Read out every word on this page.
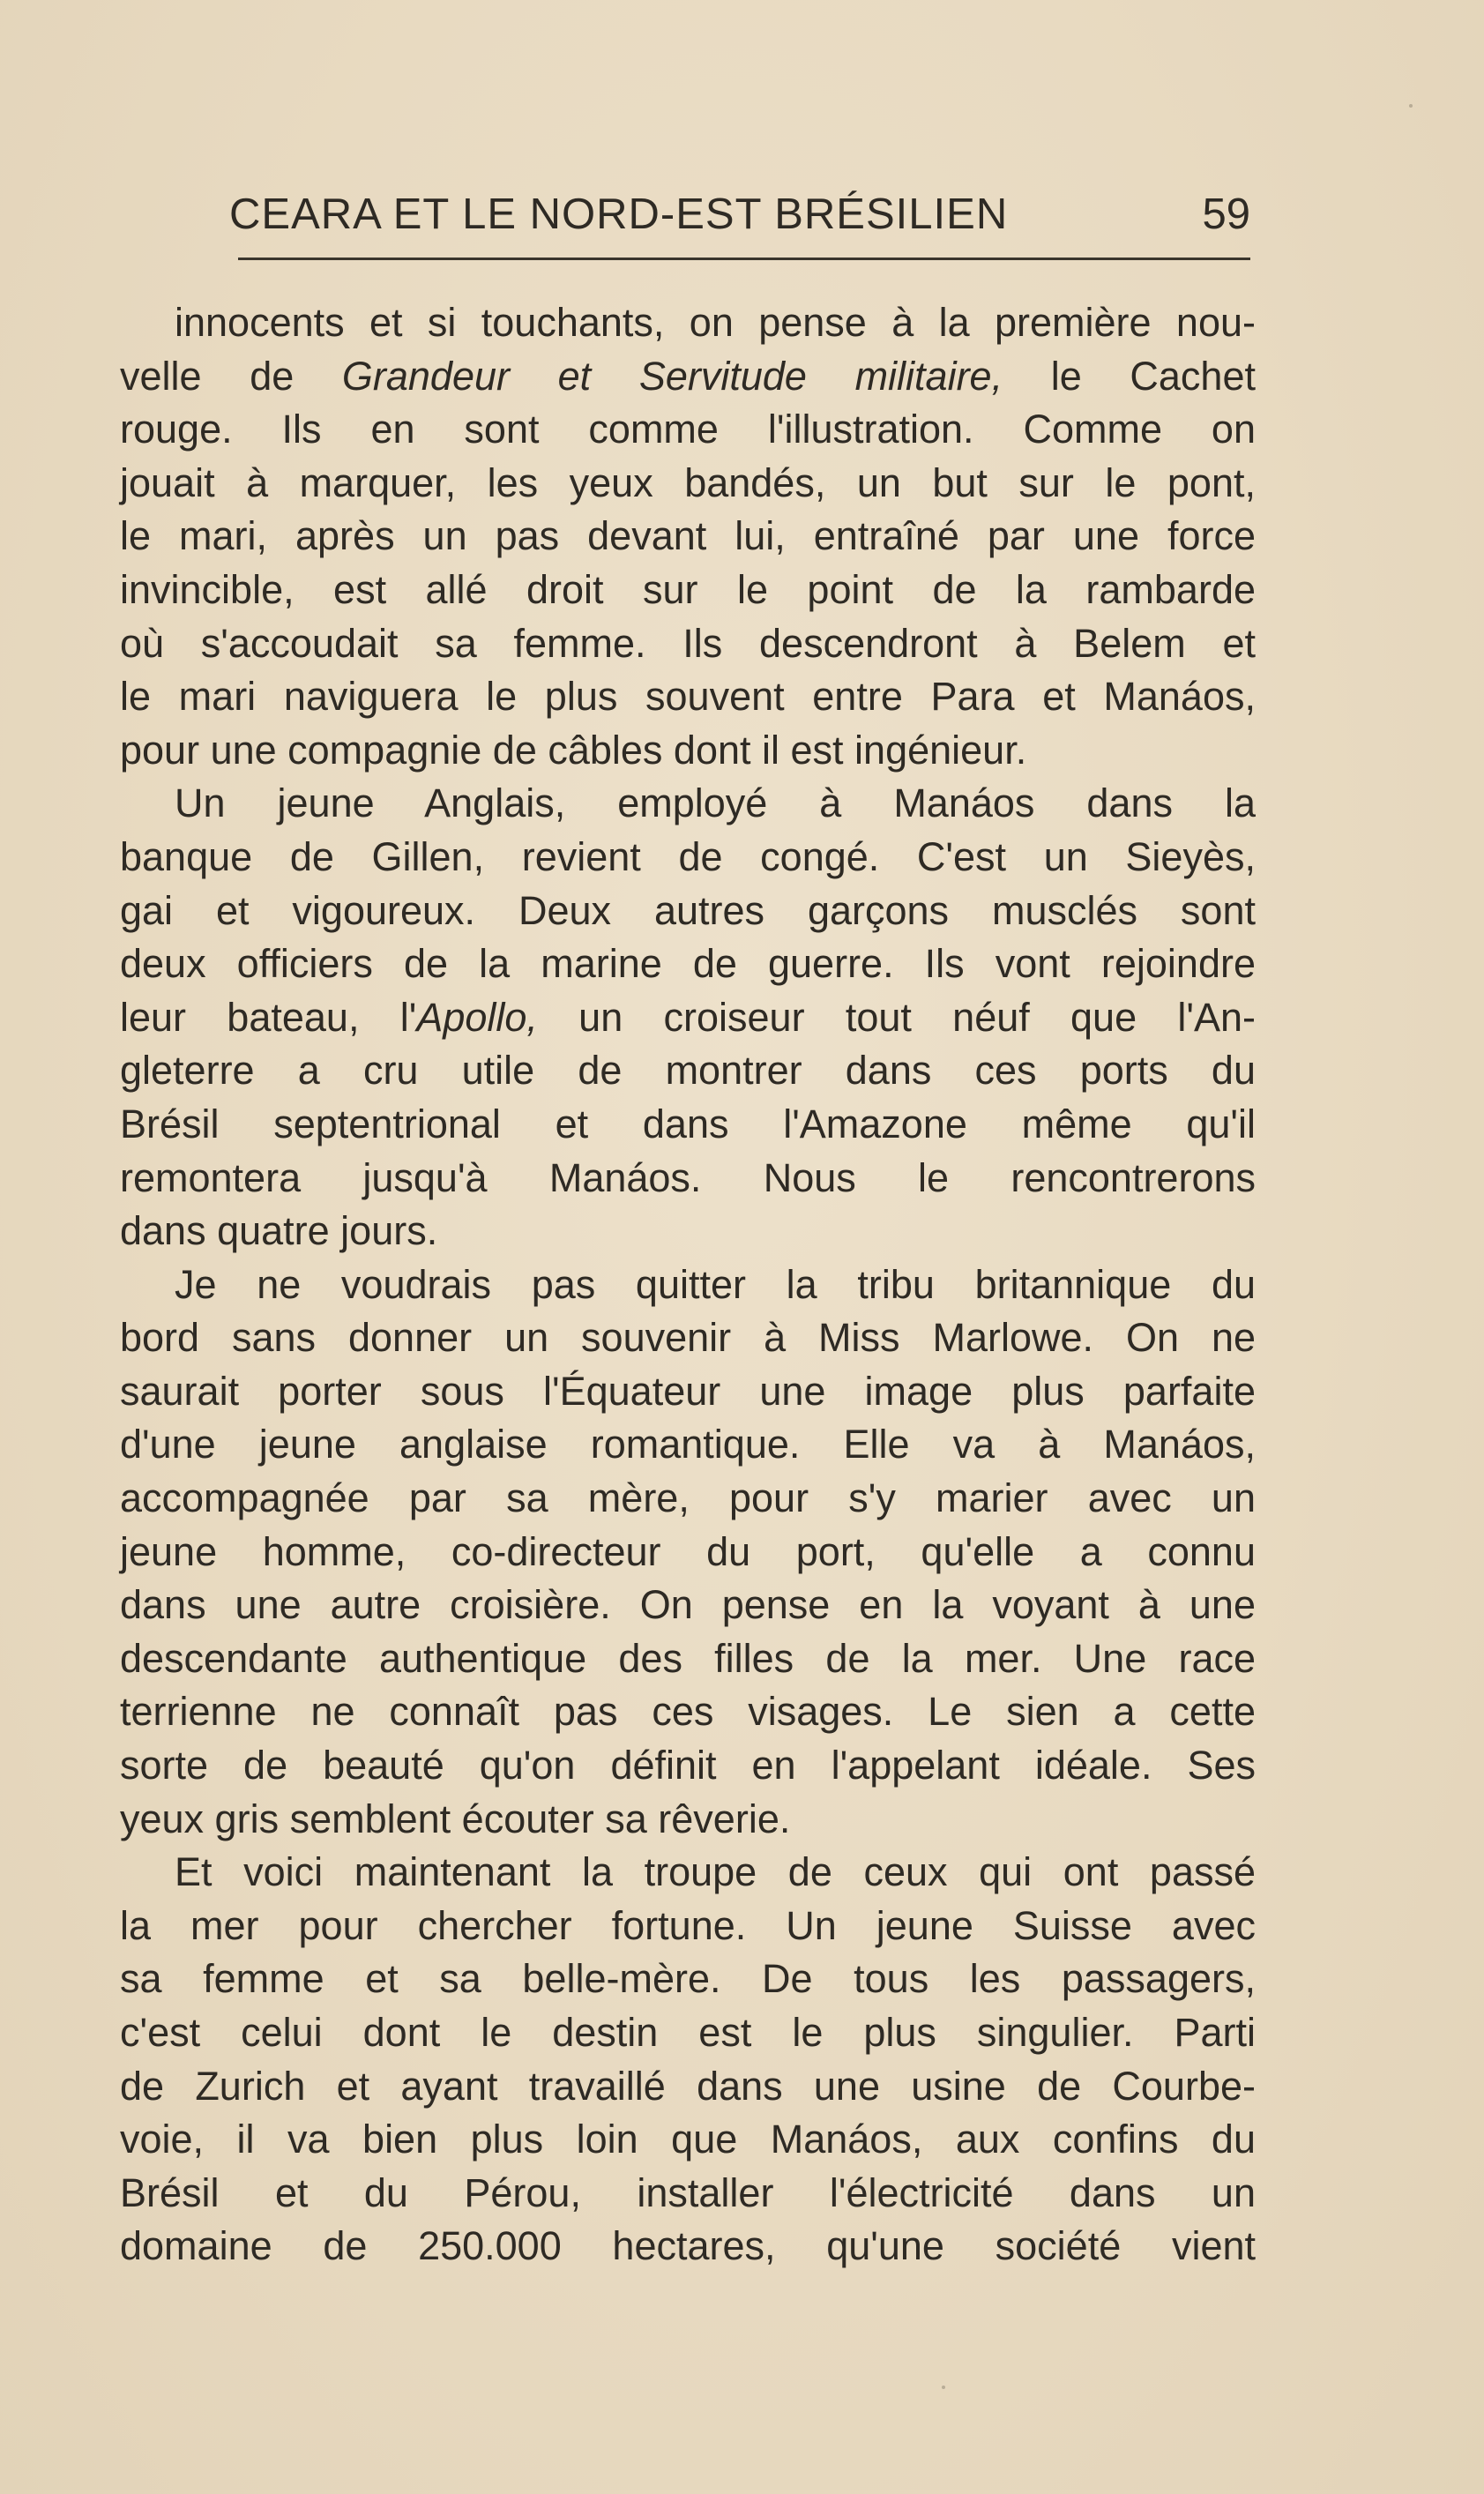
CEARA ET LE NORD-EST BRÉSILIEN	59
innocents et si touchants, on pense à la première nou-
velle de Grandeur et Servitude militaire, le Cachet
rouge. Ils en sont comme l'illustration. Comme on
jouait à marquer, les yeux bandés, un but sur le pont,
le mari, après un pas devant lui, entraîné par une force
invincible, est allé droit sur le point de la rambarde
où s'accoudait sa femme. Ils descendront à Belem et
le mari naviguera le plus souvent entre Para et Manáos,
pour une compagnie de câbles dont il est ingénieur.
Un jeune Anglais, employé à Manáos dans la
banque de Gillen, revient de congé. C'est un Sieyès,
gai et vigoureux. Deux autres garçons musclés sont
deux officiers de la marine de guerre. Ils vont rejoindre
leur bateau, l'Apollo, un croiseur tout néuf que l'An-
gleterre a cru utile de montrer dans ces ports du
Brésil septentrional et dans l'Amazone même qu'il
remontera jusqu'à Manáos. Nous le rencontrerons
dans quatre jours.
Je ne voudrais pas quitter la tribu britannique du
bord sans donner un souvenir à Miss Marlowe. On ne
saurait porter sous l'Équateur une image plus parfaite
d'une jeune anglaise romantique. Elle va à Manáos,
accompagnée par sa mère, pour s'y marier avec un
jeune homme, co-directeur du port, qu'elle a connu
dans une autre croisière. On pense en la voyant à une
descendante authentique des filles de la mer. Une race
terrienne ne connaît pas ces visages. Le sien a cette
sorte de beauté qu'on définit en l'appelant idéale. Ses
yeux gris semblent écouter sa rêverie.
Et voici maintenant la troupe de ceux qui ont passé
la mer pour chercher fortune. Un jeune Suisse avec
sa femme et sa belle-mère. De tous les passagers,
c'est celui dont le destin est le plus singulier. Parti
de Zurich et ayant travaillé dans une usine de Courbe-
voie, il va bien plus loin que Manáos, aux confins du
Brésil et du Pérou, installer l'électricité dans un
domaine de 250.000 hectares, qu'une société vient
